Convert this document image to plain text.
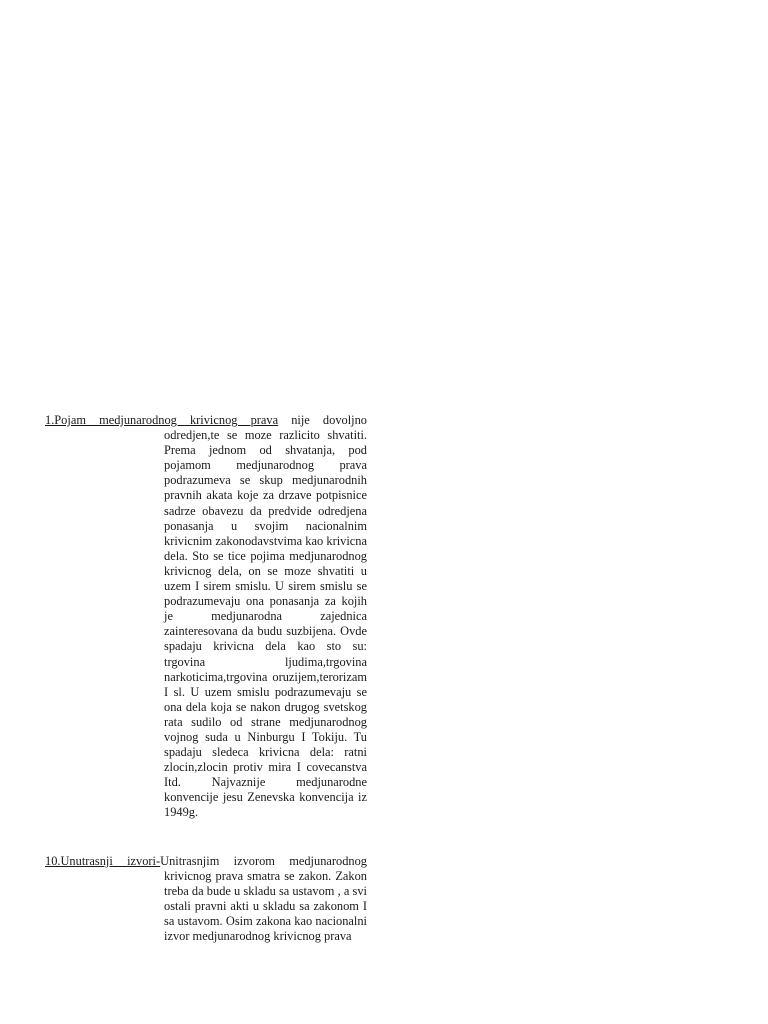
1.Pojam medjunarodnog krivicnog prava nije dovoljno odredjen,te se moze razlicito shvatiti. Prema jednom od shvatanja, pod pojamom medjunarodnog prava podrazumeva se skup medjunarodnih pravnih akata koje za drzave potpisnice sadrze obavezu da predvide odredjena ponasanja u svojim nacionalnim krivicnim zakonodavstvima kao krivicna dela. Sto se tice pojima medjunarodnog krivicnog dela, on se moze shvatiti u uzem I sirem smislu. U sirem smislu se podrazumevaju ona ponasanja za kojih je medjunarodna zajednica zainteresovana da budu suzbijena. Ovde spadaju krivicna dela kao sto su: trgovina ljudima,trgovina narkoticima,trgovina oruzijem,terorizam I sl. U uzem smislu podrazumevaju se ona dela koja se nakon drugog svetskog rata sudilo od strane medjunarodnog vojnog suda u Ninburgu I Tokiju. Tu spadaju sledeca krivicna dela: ratni zlocin,zlocin protiv mira I covecanstva Itd. Najvaznije medjunarodne konvencije jesu Zenevska konvencija iz 1949g.

10.Unutrasnji izvori-Unitrasnjim izvorom medjunarodnog krivicnog prava smatra se zakon. Zakon treba da bude u skladu sa ustavom , a svi ostali pravni akti u skladu sa zakonom I sa ustavom. Osim zakona kao nacionalni izvor medjunarodnog krivicnog prava
